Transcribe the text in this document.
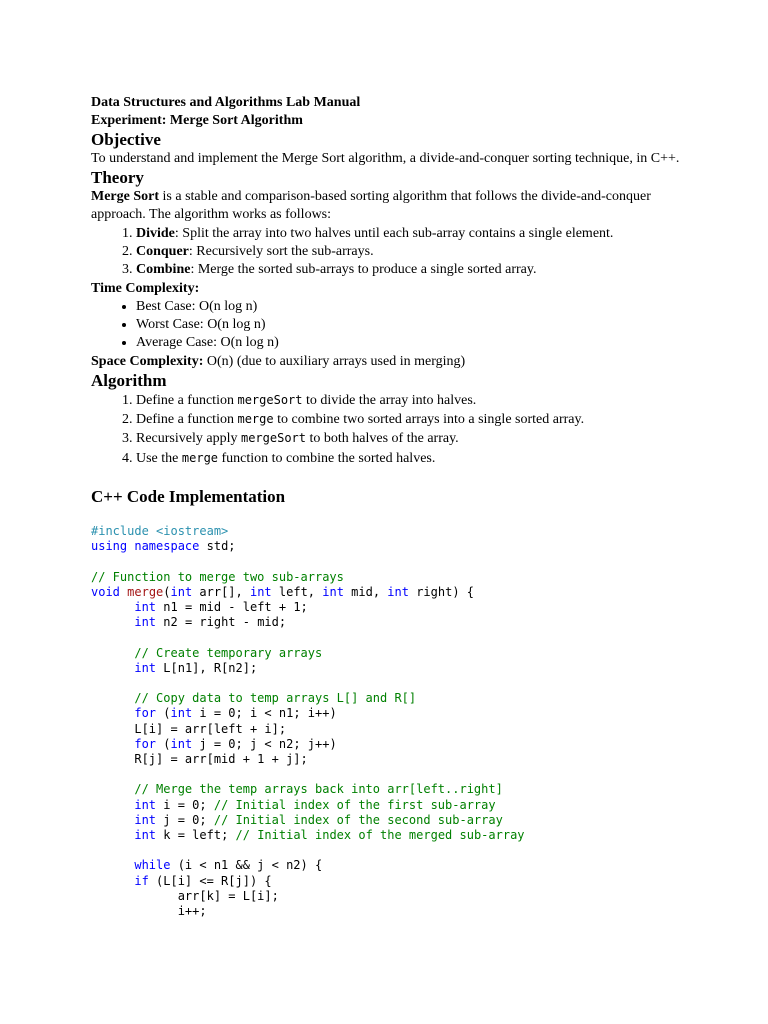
Data Structures and Algorithms Lab Manual
Experiment: Merge Sort Algorithm
Objective

To understand and implement the Merge Sort algorithm, a divide-and-conquer sorting technique, in C++.

Theory

Merge Sort is a stable and comparison-based sorting algorithm that follows the divide-and-conquer approach. The algorithm works as follows:

1. Divide: Split the array into two halves until each sub-array contains a single element.
2. Conquer: Recursively sort the sub-arrays.
3. Combine: Merge the sorted sub-arrays to produce a single sorted array.

Time Complexity:

• Best Case: O(n log n)
• Worst Case: O(n log n)
• Average Case: O(n log n)

Space Complexity: O(n) (due to auxiliary arrays used in merging)

Algorithm
1. Define a function mergeSort to divide the array into halves.
2. Define a function merge to combine two sorted arrays into a single sorted array.
3. Recursively apply mergeSort to both halves of the array.
4. Use the merge function to combine the sorted halves.
C++ Code Implementation
#include <iostream>
using namespace std;

// Function to merge two sub-arrays
void merge(int arr[], int left, int mid, int right) {
int n1 = mid - left + 1;
int n2 = right - mid;

// Create temporary arrays
int L[n1], R[n2];

// Copy data to temp arrays L[] and R[]
for (int i = 0; i < n1; i++)
L[i] = arr[left + i];
for (int j = 0; j < n2; j++)
R[j] = arr[mid + 1 + j];

// Merge the temp arrays back into arr[left..right]
int i = 0; // Initial index of the first sub-array
int j = 0; // Initial index of the second sub-array
int k = left; // Initial index of the merged sub-array

while (i < n1 && j < n2) {
if (L[i] <= R[j]) {
arr[k] = L[i];
i++;
